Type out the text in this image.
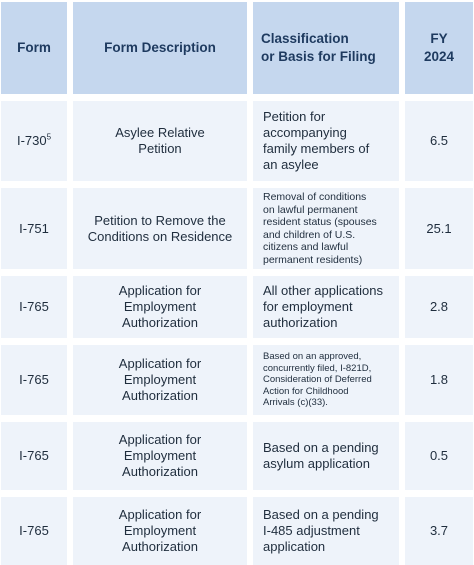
Form	Form Description
Classification
or Basis for Filing
FY
2024
$I-730^5$	Asylee Relative
Petition
Petition for
accompanying
family members of
an asylee
6.5
I-751
Petition to Remove the
Conditions on Residence
Removal of conditions
on lawful permanent
resident status (spouses
and children of U.S.
citizens and lawful
permanent residents)
25.1
I-765
Application for
Employment
Authorization
All other applications
for employment
authorization
2.8
I-765
Application for
Employment
Authorization
Based on an approved,
concurrently filed, I-821D,
Consideration of Deferred
Action for Childhood
Arrivals (c)(33).
1.8
I-765
Application for
Employment
Authorization
Based on a pending
asylum application
0.5
I-765
Application for
Employment
Authorization
Based on a pending
I-485 adjustment
application
3.7
